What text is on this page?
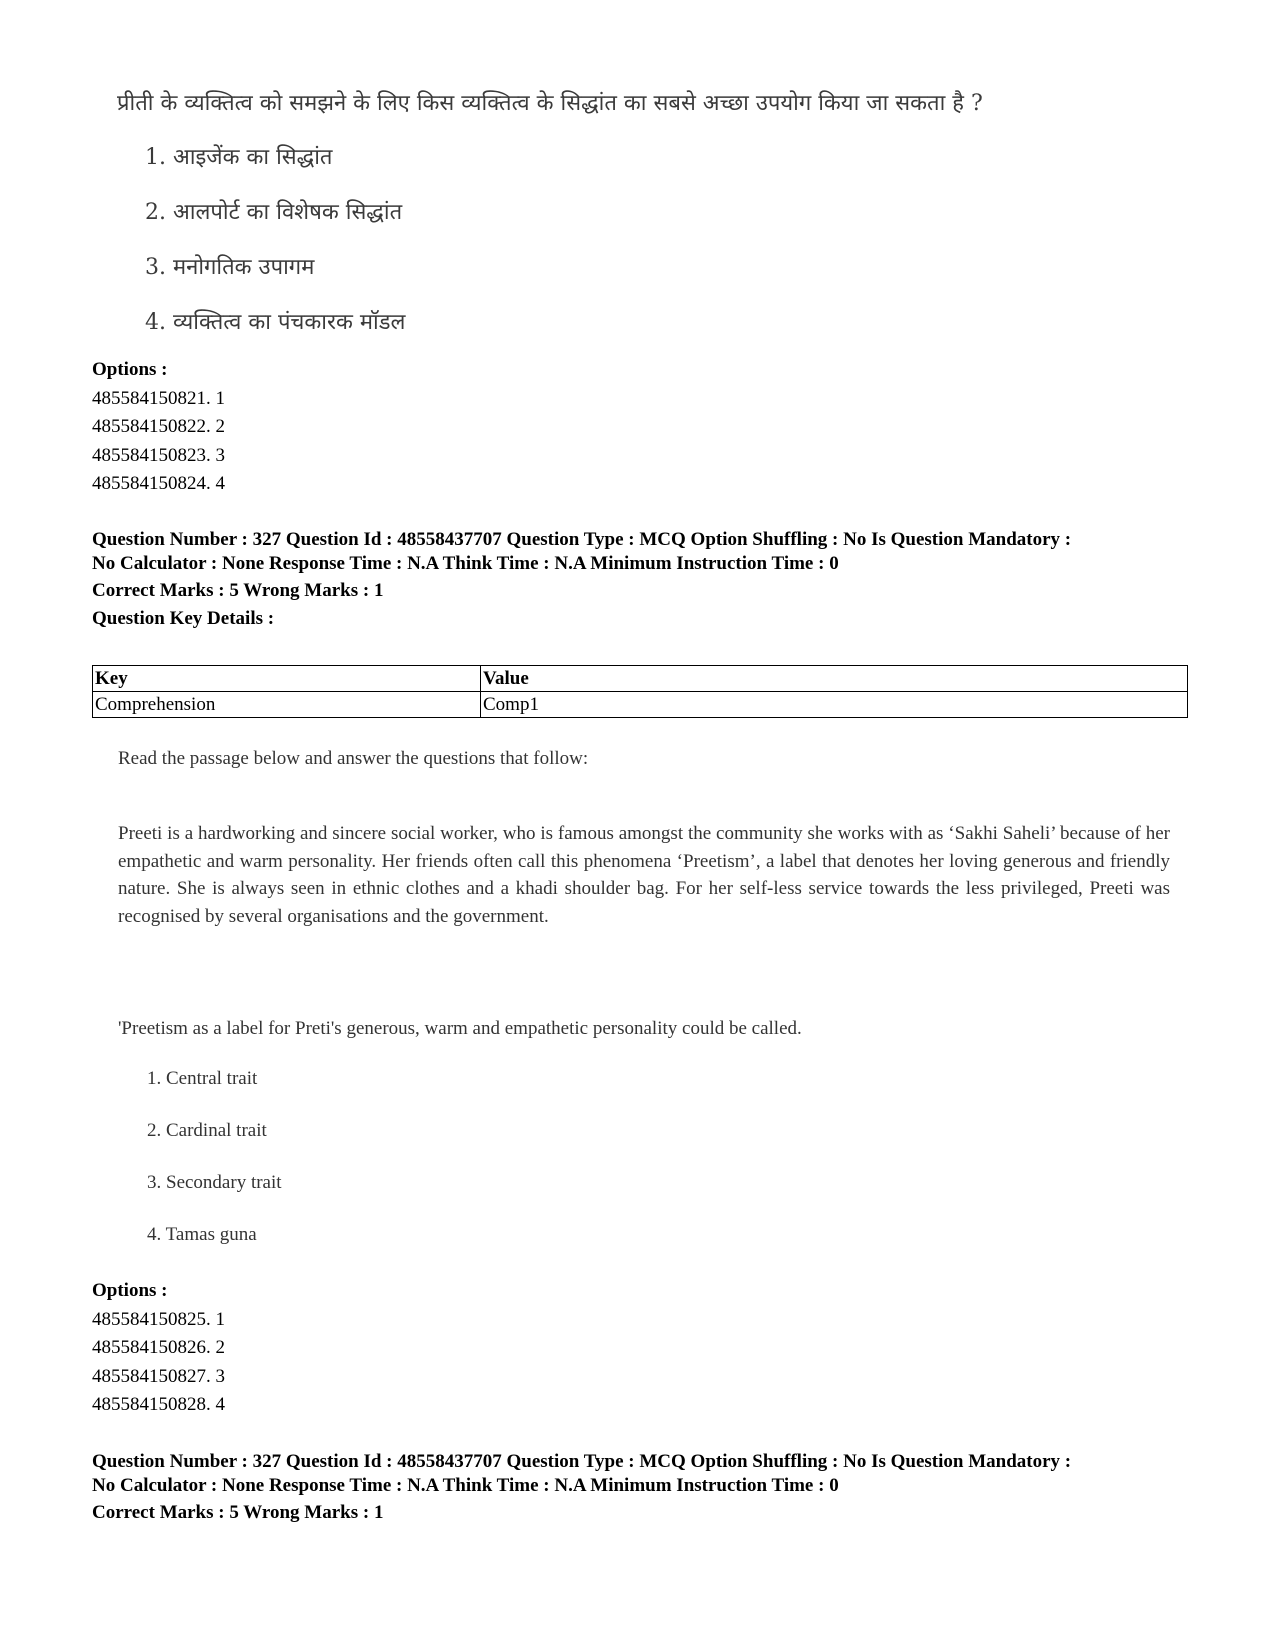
प्रीती के व्यक्तित्व को समझने के लिए किस व्यक्तित्व के सिद्धांत का सबसे अच्छा उपयोग किया जा सकता है ?

1. आइजेंक का सिद्धांत

2. आलपोर्ट का विशेषक सिद्धांत

3. मनोगतिक उपागम

4. व्यक्तित्व का पंचकारक मॉडल

Options :
485584150821. 1
485584150822. 2
485584150823. 3
485584150824. 4
Question Number : 327 Question Id : 48558437707 Question Type : MCQ Option Shuffling : No Is Question Mandatory :
No Calculator : None Response Time : N.A Think Time : N.A Minimum Instruction Time : 0
Correct Marks : 5 Wrong Marks : 1
Question Key Details :
Key	Value
Comprehension	Comp1
Read the passage below and answer the questions that follow:
Preeti is a hardworking and sincere social worker, who is famous amongst the community she works with as ‘Sakhi Saheli’ because of her empathetic and warm personality. Her friends often call this phenomena ‘Preetism’, a label that denotes her loving generous and friendly nature. She is always seen in ethnic clothes and a khadi shoulder bag. For her self-less service towards the less privileged, Preeti was recognised by several organisations and the government.
'Preetism as a label for Preti's generous, warm and empathetic personality could be called.
1. Central trait
2. Cardinal trait
3. Secondary trait
4. Tamas guna
Options :
485584150825. 1
485584150826. 2
485584150827. 3
485584150828. 4
Question Number : 327 Question Id : 48558437707 Question Type : MCQ Option Shuffling : No Is Question Mandatory :
No Calculator : None Response Time : N.A Think Time : N.A Minimum Instruction Time : 0
Correct Marks : 5 Wrong Marks : 1
